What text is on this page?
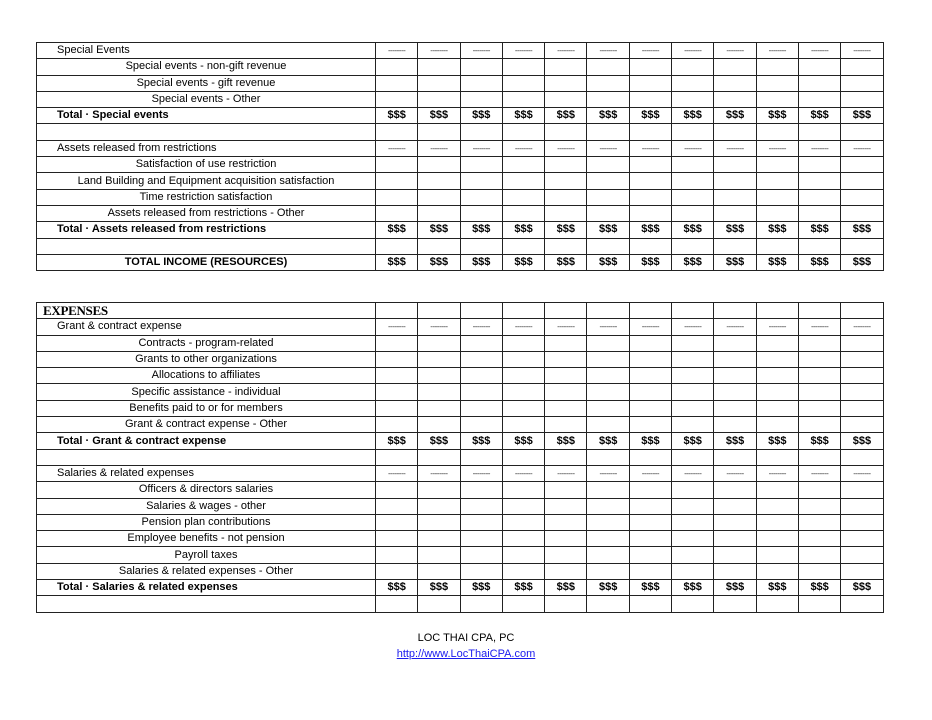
Special Events	--------	--------	--------	--------	--------	--------	--------	--------	--------	--------	--------	--------
Special events - non-gift revenue												
Special events - gift revenue												
Special events - Other												
Total · Special events	$$$	$$$	$$$	$$$	$$$	$$$	$$$	$$$	$$$	$$$	$$$	$$$

Assets released from restrictions	--------	--------	--------	--------	--------	--------	--------	--------	--------	--------	--------	--------
Satisfaction of use restriction												
Land Building and Equipment acquisition satisfaction												
Time restriction satisfaction												
Assets released from restrictions - Other												
Total · Assets released from restrictions	$$$	$$$	$$$	$$$	$$$	$$$	$$$	$$$	$$$	$$$	$$$	$$$

TOTAL INCOME (RESOURCES)	$$$	$$$	$$$	$$$	$$$	$$$	$$$	$$$	$$$	$$$	$$$	$$$
EXPENSES												
Grant & contract expense	--------	--------	--------	--------	--------	--------	--------	--------	--------	--------	--------	--------
Contracts - program-related												
Grants to other organizations												
Allocations to affiliates												
Specific assistance - individual												
Benefits paid to or for members												
Grant & contract expense - Other												
Total · Grant & contract expense	$$$	$$$	$$$	$$$	$$$	$$$	$$$	$$$	$$$	$$$	$$$	$$$

Salaries & related expenses	--------	--------	--------	--------	--------	--------	--------	--------	--------	--------	--------	--------
Officers & directors salaries												
Salaries & wages - other												
Pension plan contributions												
Employee benefits - not pension												
Payroll taxes												
Salaries & related expenses - Other												
Total · Salaries & related expenses	$$$	$$$	$$$	$$$	$$$	$$$	$$$	$$$	$$$	$$$	$$$	$$$

LOC THAI CPA, PC
http://www.LocThaiCPA.com
